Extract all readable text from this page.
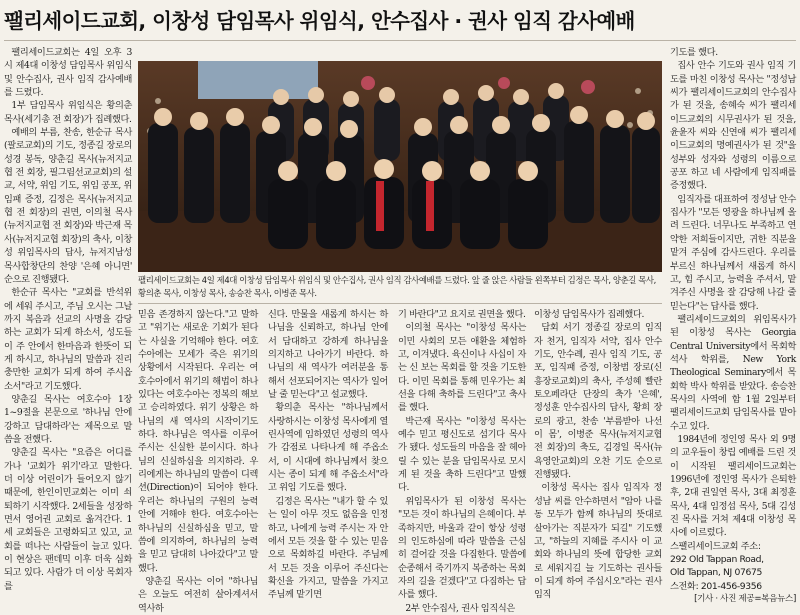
팰리세이드교회, 이창성 담임목사 위임식, 안수집사 · 권사 임직 감사예배

팰리세이드교회는 4일 오후 3시 제4대 이창성 담임목사 위임식 및 안수집사, 권사 임직 감사예배를 드렸다.

1부 담임목사 위임식은 황의춘 목사(세기총 전 회장)가 집례했다.

예배의 부름, 찬송, 한순규 목사(팔로교회)의 기도, 정종길 장로의 성경 봉독, 양춘길 목사(뉴저지교협 전 회장, 필그림선교교회)의 설교, 서약, 위임 기도, 위임 공포, 위임패 증정, 김정은 목사(뉴저지교협 전 회장)의 권면, 이의철 목사(뉴저지교협 전 회장)와 박근재 목사(뉴저지교협 회장)의 축사, 이창성 위임목사의 답사, 뉴저지남성목사합창단의 찬양 '은혜 아니면' 순으로 진행됐다.

한순규 목사는 "교회를 반석위에 세워 주시고, 주님 오시는 그날까지 복음과 선교의 사명을 감당하는 교회가 되게 하소서, 성도들이 주 안에서 한마음과 한뜻이 되게 하시고, 하나님의 말씀과 진리 충만한 교회가 되게 하여 주시옵소서"라고 기도했다.

양춘길 목사는 여호수아 1장 1~9절을 본문으로 '하나님 안에 강하고 담대하라'는 제목으로 말씀을 전했다.

양춘길 목사는 "요즘은 어디를 가나 '교회가 위기'라고 말한다. 더 이상 어린이가 들어오지 않기 때문에, 한인이민교회는 이미 쇠퇴하기 시작했다. 2세들을 성장하면서 영어권 교회로 옮겨간다. 1세 교회들은 고령화되고 있고, 교회를 떠나는 사람들이 늘고 있다. 이 현상은 팬데믹 이후 더욱 심화되고 있다. 사람가 더 이상 목회자를

팰리세이드교회는 4일 제4대 이창성 담임목사 위임식 및 안수집사, 권사 임직 감사예배를 드렸다. 앞 줄 앉은 사람들 왼쪽부터 김정은 목사, 양춘길 목사, 황의춘 목사, 이창성 목사, 송승찬 목사, 이병준 목사.

믿음 존경하지 않는다."고 말하고 "위기는 새로운 기회가 된다는 사실을 기억해야 한다. 여호수아에는 모세가 죽은 위기의 상황에서 시작된다. 우리는 여호수아에서 위기의 해법이 하나 있다는 여호수아는 정복의 해보고 승리하였다. 위기 상황은 하나님의 새 역사의 시작이기도 하다. 하나님은 역사를 이루어 주시는 신실한 분이시다. 하나님의 신실하심을 의지하라. 우리에게는 하나님의 말씀이 디렉션(Direction)이 되어야 한다. 우리는 하나님의 구원의 능력 안에 거해야 한다. 여호수아는 하나님의 신실하심을 믿고, 말씀에 의지하여, 하나님의 능력을 믿고 담대히 나아갔다"고 말했다.

양춘길 목사는 이어 "하나님은 오늘도 여전히 살아계셔서 역사하

신다. 만물을 새롭게 하시는 하나님을 신뢰하고, 하나님 안에서 담대하고 강하게 하나님을 의지하고 나아가기 바란다. 하나님의 새 역사가 여러분을 통해서 선포되어지는 역사가 일어날 줄 믿는다"고 설교했다.

황의춘 목사는 "하나님께서 사랑하시는 이창성 목사에게 열린사역에 임하였던 성령의 역사가 감점로 나타나게 해 주옵소서, 이 시대에 하나님께서 찾으시는 종이 되게 해 주옵소서"라고 위임 기도를 했다.

김정은 목사는 "내가 할 수 있는 일이 아무 것도 없음을 인정하고, 나에게 능력 주시는 자 안에서 모든 것을 할 수 있는 믿음으로 목회하길 바란다. 주님께서 모든 것을 이루어 주신다는 확신을 가지고, 말씀을 가지고 주님께 맡기면

기 바란다"고 요지로 권면을 했다.

이의철 목사는 "이창성 목사는 이민 사회의 모든 애환을 체험하고, 이겨냈다. 육신이나 사십이 자는 신 보는 목회를 할 것을 기도한다. 이민 목회를 통해 민우가는 최선을 다해 축하를 드린다"고 축사를 했다.

박근재 목사는 "이창성 목사는 예수 믿고 평신도로 섬기다 목사가 됐다. 성도들의 마음을 잘 헤아릴 수 있는 분을 담임목사로 모시게 된 것을 축하 드린다"고 말했다.

위임목사가 된 이창성 목사는 "모든 것이 하나님의 은혜이다. 부족하지만, 바울과 같이 항상 성령의 인도하심에 따라 말씀을 근심히 걸어갈 것을 다짐한다. 말씀에 순종해서 죽기까지 복종하는 목회자의 길을 걷겠다"고 다짐하는 답사를 했다.

2부 안수집사, 권사 임직식은

이창성 담임목사가 집례했다.

담회 서기 정종길 장로의 임직자 천거, 임직자 서약, 집사 안수 기도, 안수례, 권사 임직 기도, 공포, 임직패 증정, 이창범 장로(신흥장로교회)의 축사, 주성혜 빨란토오페라단 단장의 축가 '은혜', 정성훈 안수집사의 답사, 황희 장로의 광고, 찬송 '부름받아 나선 이 몸', 이병준 목사(뉴저지교협 전 회장)의 축도, 김경일 목사(뉴욕영안교회)의 오찬 기도 순으로 진행됐다.

이창성 목사는 집사 임직자 정성남 씨를 안수하면서 "암아 나를 동 모두가 함께 하나님의 뜻대로 살아가는 직분자가 되길" 기도했고, "하늘의 지혜를 주시사 이 교회와 하나님의 뜻에 합당한 교회로 세워지길 늘 기도하는 권사들이 되게 하여 주십시오"라는 권사 임직

기도를 했다.

집사 안수 기도와 권사 임직 기도를 마친 이창성 목사는 "정성남 씨가 팰리세이드교회의 안수집사가 된 것을, 송혜숙 씨가 팰리세이드교회의 시무권사가 된 것을, 윤윤자 씨와 신연애 씨가 팰리세이드교회의 명예권사가 된 것"을 성부와 성자와 성령의 이름으로 공포 하고 네 사람에게 임직패를 증정했다.

임직자를 대표하여 정성남 안수집사가 "모든 영광을 하나님께 올려 드린다. 너무나도 부족하고 연약한 저희들이지만, 귀한 직분을 맡겨 주심에 감사드린다. 우리를 부르신 하나님께서 새롭게 하시고, 힘 주시고, 능력을 주셔서, 맡겨주신 사명을 잘 감당해 나갈 줄 믿는다"는 답사를 했다.

팰리세이드교회의 위임목사가 된 이창성 목사는 Georgia Central University에서 목회학 석사 학위를, New York Theological Seminary에서 목회학 박사 학위를 받았다. 송승찬 목사의 사역에 함 1월 2일부터 팰리세이드교회 담임목사를 맡아 수고 있다.

1984년에 정인영 목사 외 9명의 교우들이 창립 예배를 드린 것이 시작된 팰리세이드교회는 1996년에 정인영 목사가 은퇴한 후, 2대 권일연 목사, 3대 최정훈 목사, 4대 임정섭 목사, 5대 김성진 목사를 거쳐 제4대 이창성 목사에 이르렀다.

스팰리세이드교회 주소:

292 Old Tappan Road,

Old Tappan, NJ 07675

스전화: 201-456-9356

[기사 · 사진 제공=복음뉴스]
